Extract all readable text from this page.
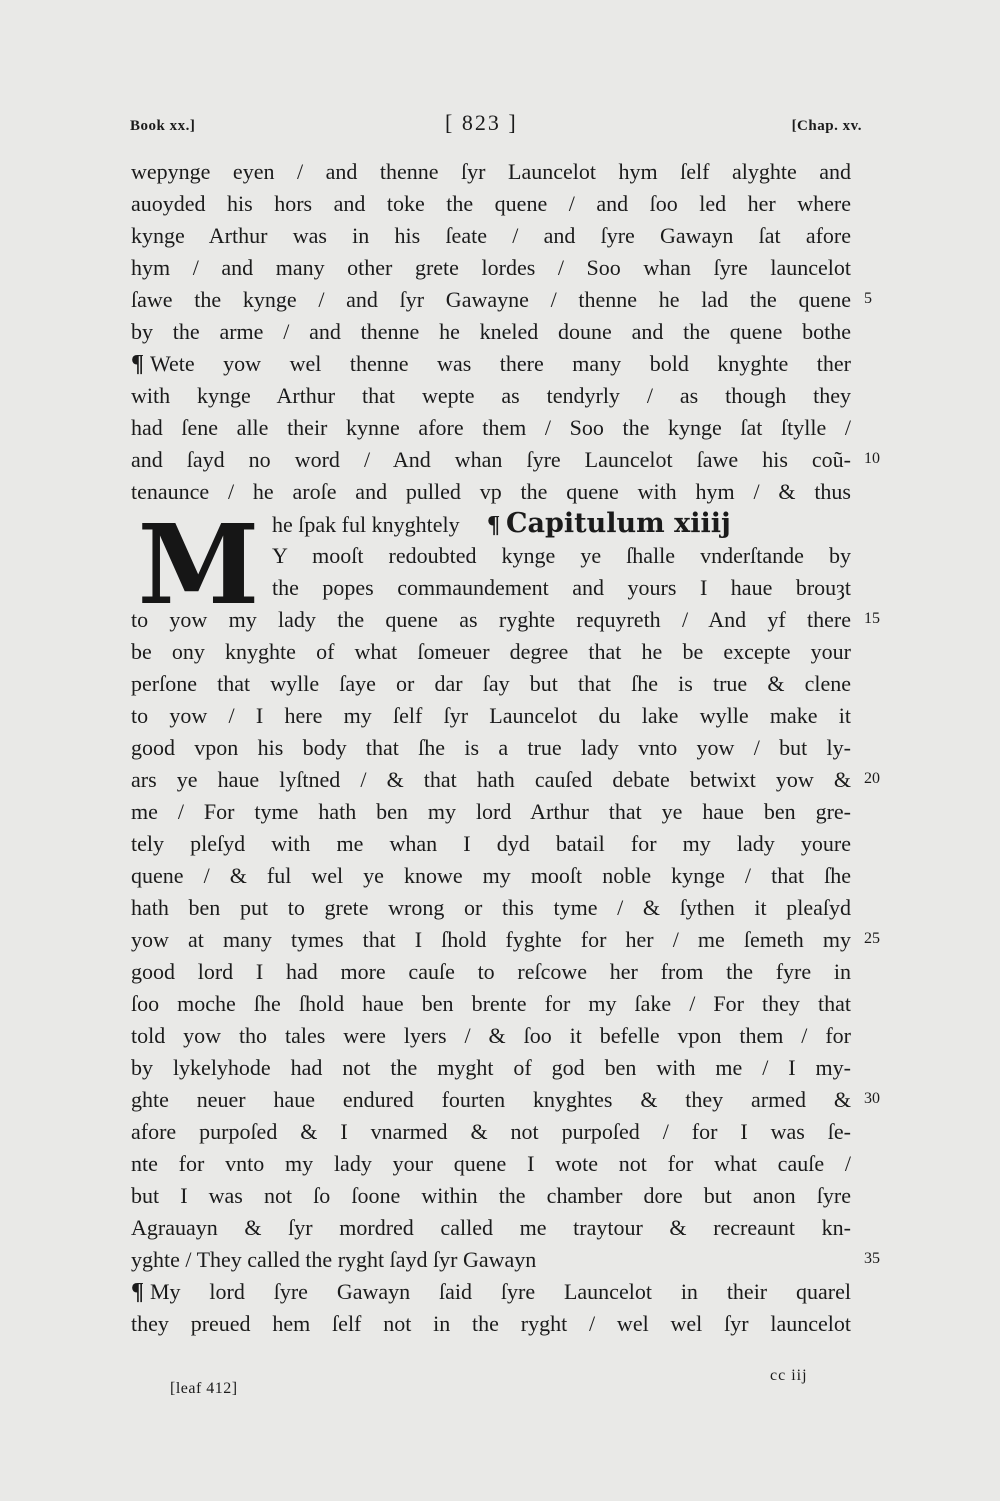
Book xx.]	[ 823 ]	[Chap. xv.
wepynge eyen / and thenne ſyr Launcelot hym ſelf alyghte and
auoyded his hors and toke the quene / and ſoo led her where
kynge Arthur was in his ſeate / and ſyre Gawayn ſat afore
hym / and many other grete lordes / Soo whan ſyre launcelot
ſawe the kynge / and ſyr Gawayne / thenne he lad the quene
by the arme / and thenne he kneled doune and the quene bothe
¶ Wete yow wel thenne was there many bold knyghte ther
with kynge Arthur that wepte as tendyrly / as though they
had ſene alle their kynne afore them / Soo the kynge ſat ſtylle /
and ſayd no word / And whan ſyre Launcelot ſawe his coũ-
tenaunce / he aroſe and pulled vp the quene with hym / & thus
he ſpak ful knyghtely ¶ Capitulum xiiij
M Y mooſt redoubted kynge ye ſhalle vnderſtande by
the popes commaundement and yours I haue brouȝt
to yow my lady the quene as ryghte requyreth / And yf there
be ony knyghte of what ſomeuer degree that he be excepte your
perſone that wylle ſaye or dar ſay but that ſhe is true & clene
to yow / I here my ſelf ſyr Launcelot du lake wylle make it
good vpon his body that ſhe is a true lady vnto yow / but ly-
ars ye haue lyſtned / & that hath cauſed debate betwixt yow &
me / For tyme hath ben my lord Arthur that ye haue ben gre-
tely pleſyd with me whan I dyd batail for my lady youre
quene / & ful wel ye knowe my mooſt noble kynge / that ſhe
hath ben put to grete wrong or this tyme / & ſythen it pleaſyd
yow at many tymes that I ſhold fyghte for her / me ſemeth my
good lord I had more cauſe to reſcowe her from the fyre in
ſoo moche ſhe ſhold haue ben brente for my ſake / For they that
told yow tho tales were lyers / & ſoo it befelle vpon them / for
by lykelyhode had not the myght of god ben with me / I my-
ghte neuer haue endured fourten knyghtes & they armed &
afore purpoſed & I vnarmed & not purpoſed / for I was ſe-
nte for vnto my lady your quene I wote not for what cauſe /
but I was not ſo ſoone within the chamber dore but anon ſyre
Agrauayn & ſyr mordred called me traytour & recreaunt kn-
yghte / They called the ryght ſayd ſyr Gawayn
¶ My lord ſyre Gawayn ſaid ſyre Launcelot in their quarel
they preued hem ſelf not in the ryght / wel wel ſyr launcelot
5
10
15
20
25
30
35
[leaf 412]
cc iij
